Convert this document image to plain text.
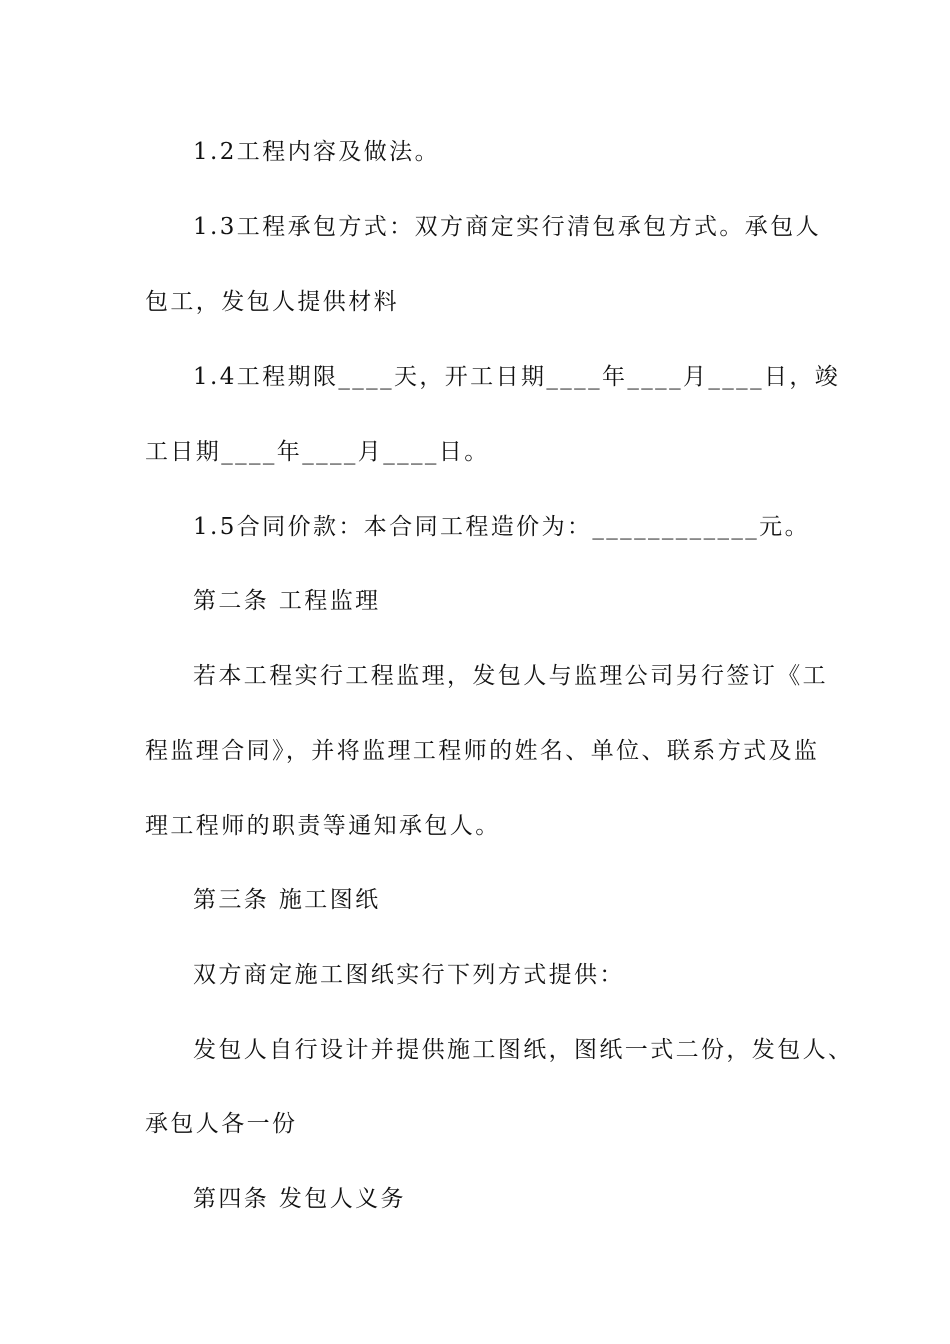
1.2工程内容及做法。
1.3工程承包方式：双方商定实行清包承包方式。承包人
包工，发包人提供材料
1.4工程期限____天，开工日期____年____月____日，竣
工日期____年____月____日。
1.5合同价款：本合同工程造价为：____________元。
第二条 工程监理
若本工程实行工程监理，发包人与监理公司另行签订《工
程监理合同》，并将监理工程师的姓名、单位、联系方式及监
理工程师的职责等通知承包人。
第三条 施工图纸
双方商定施工图纸实行下列方式提供：
发包人自行设计并提供施工图纸，图纸一式二份，发包人、
承包人各一份
第四条 发包人义务
